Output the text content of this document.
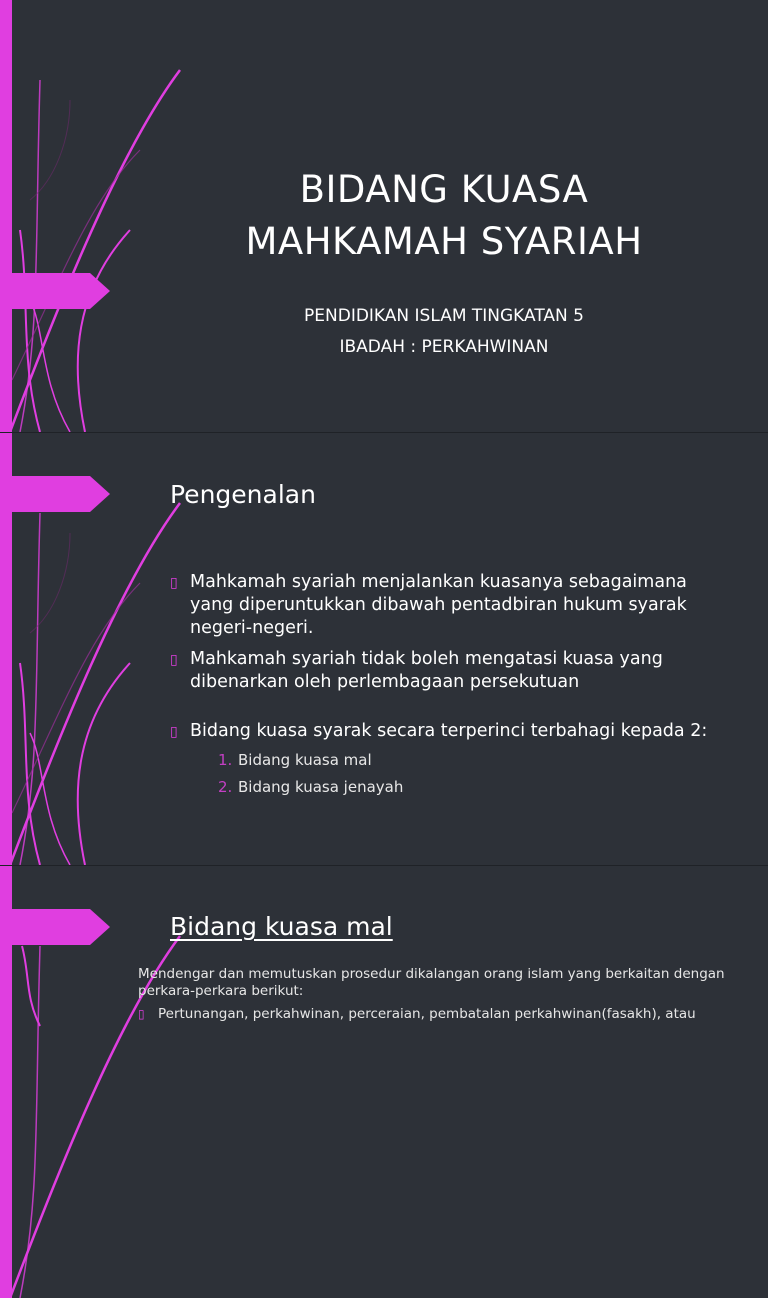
BIDANG KUASA
MAHKAMAH SYARIAH
PENDIDIKAN ISLAM TINGKATAN 5
IBADAH : PERKAHWINAN
Pengenalan
▯ Mahkamah syariah menjalankan kuasanya sebagaimana yang diperuntukkan dibawah pentadbiran hukum syarak negeri-negeri.
▯ Mahkamah syariah tidak boleh mengatasi kuasa yang dibenarkan oleh perlembagaan persekutuan
▯ Bidang kuasa syarak secara terperinci terbahagi kepada 2:
1. Bidang kuasa mal
2. Bidang kuasa jenayah
Bidang kuasa mal
Mendengar dan memutuskan prosedur dikalangan orang islam yang berkaitan dengan perkara-perkara berikut:
▯ Pertunangan, perkahwinan, perceraian, pembatalan perkahwinan(fasakh), atau
